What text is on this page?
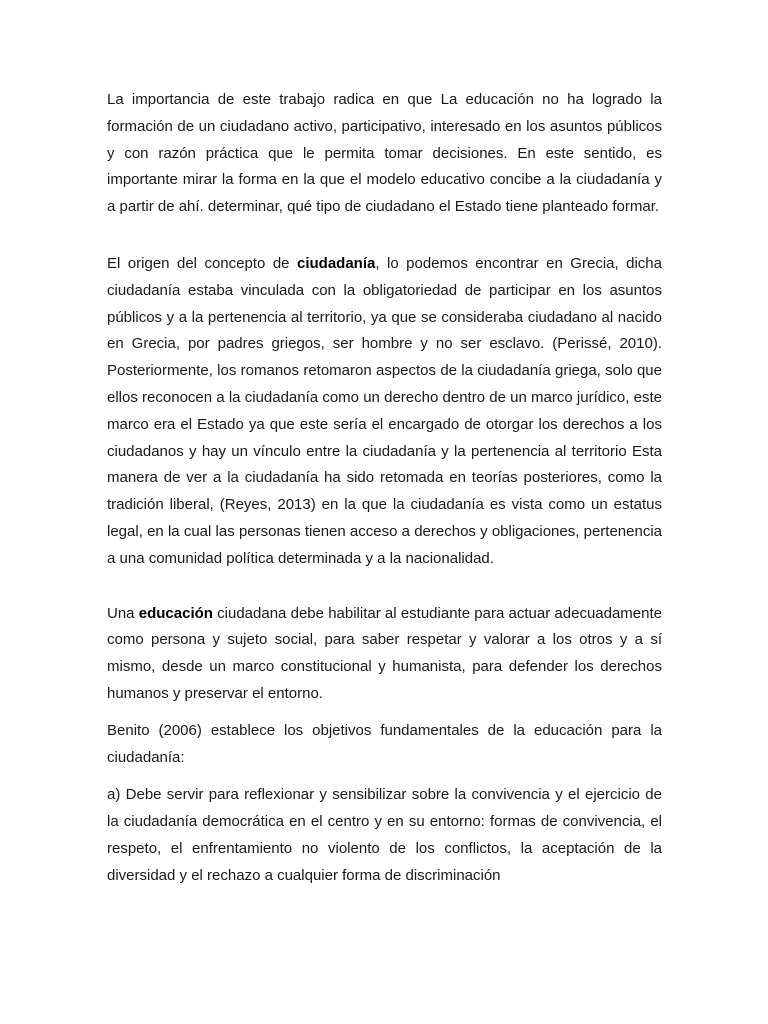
La importancia de este trabajo radica en que La educación no ha logrado la formación de un ciudadano activo, participativo, interesado en los asuntos públicos y con razón práctica que le permita tomar decisiones. En este sentido, es importante mirar la forma en la que el modelo educativo concibe a la ciudadanía y a partir de ahí. determinar, qué tipo de ciudadano el Estado tiene planteado formar.

El origen del concepto de ciudadanía, lo podemos encontrar en Grecia, dicha ciudadanía estaba vinculada con la obligatoriedad de participar en los asuntos públicos y a la pertenencia al territorio, ya que se consideraba ciudadano al nacido en Grecia, por padres griegos, ser hombre y no ser esclavo. (Perissé, 2010). Posteriormente, los romanos retomaron aspectos de la ciudadanía griega, solo que ellos reconocen a la ciudadanía como un derecho dentro de un marco jurídico, este marco era el Estado ya que este sería el encargado de otorgar los derechos a los ciudadanos y hay un vínculo entre la ciudadanía y la pertenencia al territorio Esta manera de ver a la ciudadanía ha sido retomada en teorías posteriores, como la tradición liberal, (Reyes, 2013) en la que la ciudadanía es vista como un estatus legal, en la cual las personas tienen acceso a derechos y obligaciones, pertenencia a una comunidad política determinada y a la nacionalidad.

Una educación ciudadana debe habilitar al estudiante para actuar adecuadamente como persona y sujeto social, para saber respetar y valorar a los otros y a sí mismo, desde un marco constitucional y humanista, para defender los derechos humanos y preservar el entorno.

Benito (2006) establece los objetivos fundamentales de la educación para la ciudadanía:

a) Debe servir para reflexionar y sensibilizar sobre la convivencia y el ejercicio de la ciudadanía democrática en el centro y en su entorno: formas de convivencia, el respeto, el enfrentamiento no violento de los conflictos, la aceptación de la diversidad y el rechazo a cualquier forma de discriminación
